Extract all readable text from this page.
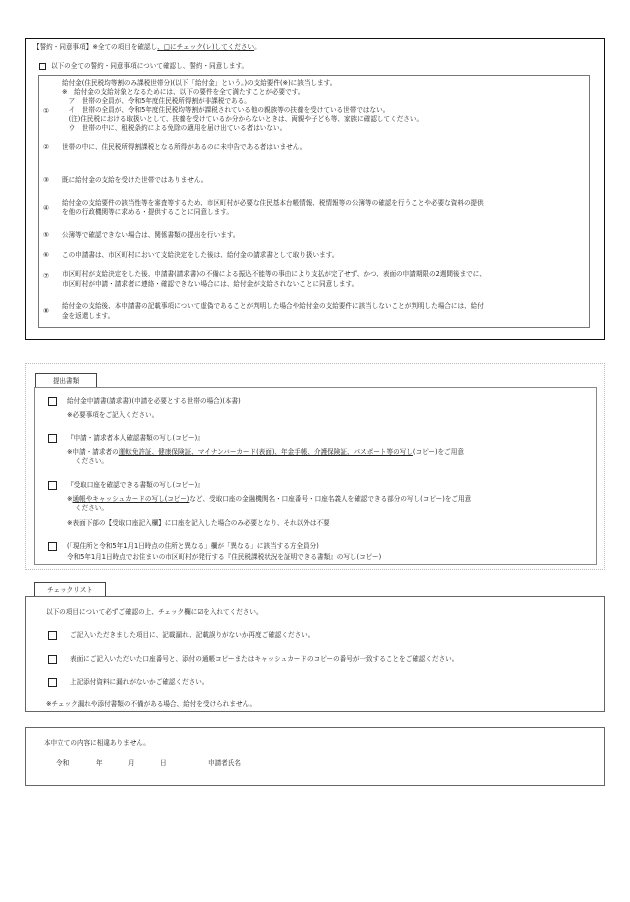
【誓約・同意事項】※全ての項目を確認し、□にチェック(レ)してください。
以下の全ての誓約・同意事項について確認し、誓約・同意します。
①
給付金(住民税均等割のみ課税世帯分)(以下「給付金」という。)の支給要件(※)に該当します。
※　給付金の支給対象となるためには、以下の要件を全て満たすことが必要です。
　ア　世帯の全員が、令和5年度住民税所得割が非課税である。
　イ　世帯の全員が、令和5年度住民税均等割が課税されている他の親族等の扶養を受けている世帯ではない。
　(注)住民税における取扱いとして、扶養を受けているか分からないときは、両親や子ども等、家族に確認してください。
　ウ　世帯の中に、租税条約による免除の適用を届け出ている者はいない。
②	世帯の中に、住民税所得割課税となる所得があるのに未申告である者はいません。
③	既に給付金の支給を受けた世帯ではありません。
④
給付金の支給要件の該当性等を審査等するため、市区町村が必要な住民基本台帳情報、税情報等の公簿等の確認を行うことや必要な資料の提供
を他の行政機関等に求める・提供することに同意します。
⑤	公簿等で確認できない場合は、関係書類の提出を行います。
⑥	この申請書は、市区町村において支給決定をした後は、給付金の請求書として取り扱います。
⑦	市区町村が支給決定をした後、申請書(請求書)の不備による振込不能等の事由により支払が完了せず、かつ、表面の申請期限の2週間後までに、
市区町村が申請・請求者に連絡・確認できない場合には、給付金が支給されないことに同意します。
⑧
給付金の支給後、本申請書の記載事項について虚偽であることが判明した場合や給付金の支給要件に該当しないことが判明した場合には、給付
金を返還します。
提出書類
給付金申請書(請求書)(申請を必要とする世帯の場合)(本書)
※必要事項をご記入ください。
『申請・請求者本人確認書類の写し(コピー)』
※申請・請求者の運転免許証、健康保険証、マイナンバーカード(表面)、年金手帳、介護保険証、パスポート等の写し(コピー)をご用意
ください。
『受取口座を確認できる書類の写し(コピー)』
※通帳やキャッシュカードの写し(コピー)など、受取口座の金融機関名・口座番号・口座名義人を確認できる部分の写し(コピー)をご用意
ください。
※表面下部の【受取口座記入欄】に口座を記入した場合のみ必要となり、それ以外は不要
(「現住所と令和5年1月1日時点の住所と異なる」欄が「異なる」に該当する方全員分)
令和5年1月1日時点でお住まいの市区町村が発行する『住民税課税状況を証明できる書類』の写し(コピー)
チェックリスト
以下の項目について必ずご確認の上、チェック欄に☑を入れてください。
ご記入いただきました項目に、記載漏れ、記載誤りがないか再度ご確認ください。
表面にご記入いただいた口座番号と、添付の通帳コピーまたはキャッシュカードのコピーの番号が一致することをご確認ください。
上記添付資料に漏れがないかご確認ください。
※チェック漏れや添付書類の不備がある場合、給付を受けられません。
本申立ての内容に相違ありません。
令和	年	月	日	申請者氏名
